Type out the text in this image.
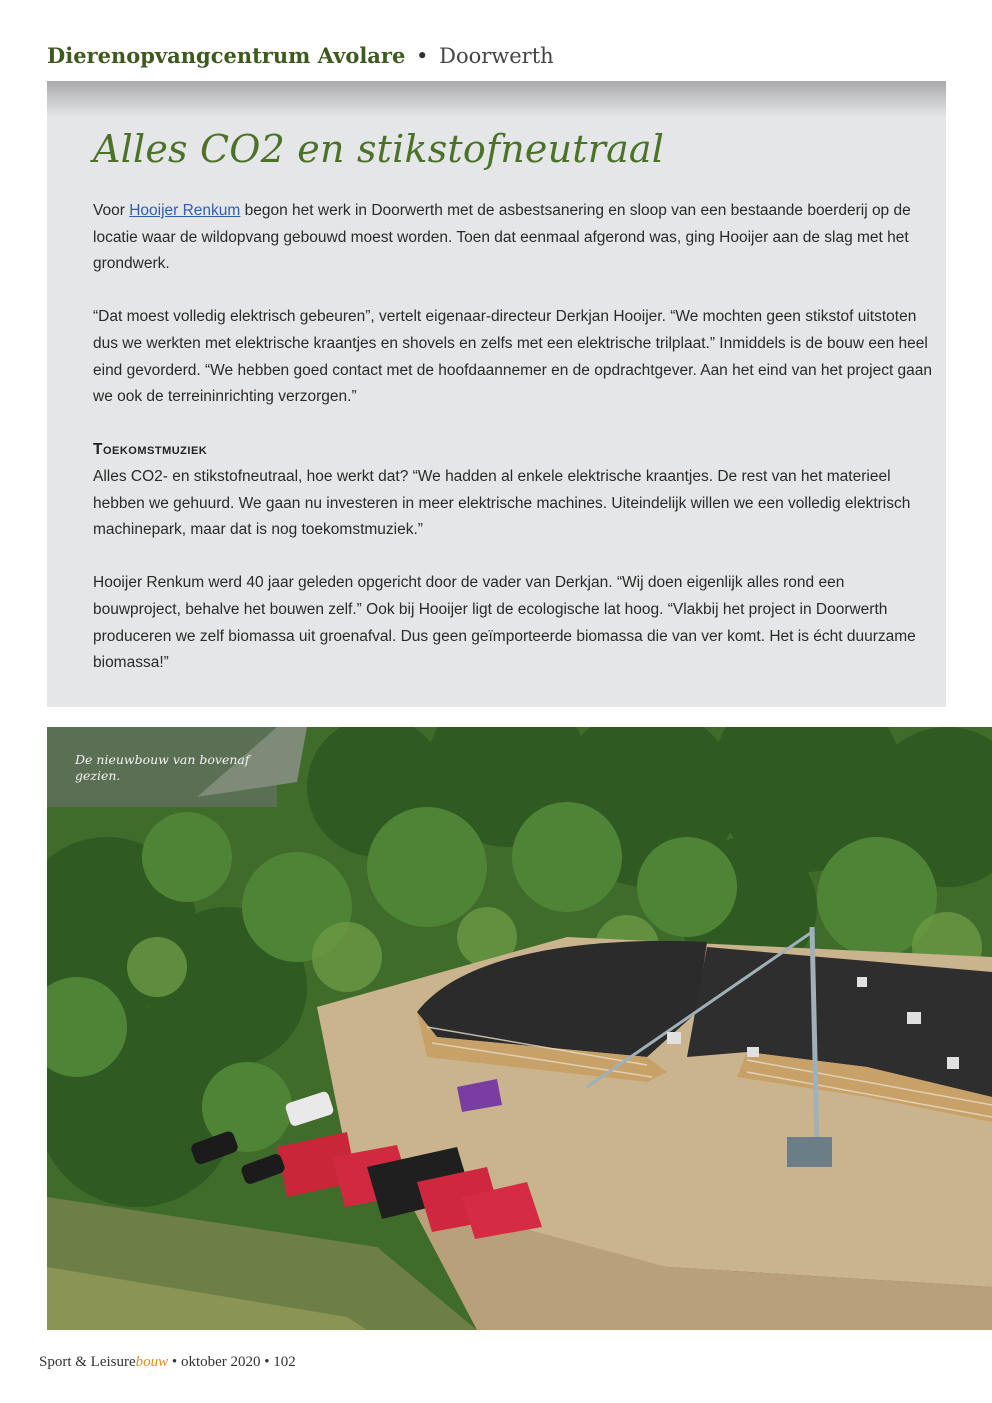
Dierenopvangcentrum Avolare • Doorwerth
Alles CO2 en stikstofneutraal

Voor Hooijer Renkum begon het werk in Doorwerth met de asbestsanering en sloop van een bestaande boerderij op de locatie waar de wildopvang gebouwd moest worden. Toen dat eenmaal afgerond was, ging Hooijer aan de slag met het grondwerk.

“Dat moest volledig elektrisch gebeuren”, vertelt eigenaar-directeur Derkjan Hooijer. “We mochten geen stikstof uitstoten dus we werkten met elektrische kraantjes en shovels en zelfs met een elektrische trilplaat.” Inmiddels is de bouw een heel eind gevorderd. “We hebben goed contact met de hoofdaannemer en de opdrachtgever. Aan het eind van het project gaan we ook de terreininrichting verzorgen.”

Toekomstmuziek

Alles CO2- en stikstofneutraal, hoe werkt dat? “We hadden al enkele elektrische kraantjes. De rest van het materieel hebben we gehuurd. We gaan nu investeren in meer elektrische machines. Uiteindelijk willen we een volledig elektrisch machinepark, maar dat is nog toekomstmuziek.”

Hooijer Renkum werd 40 jaar geleden opgericht door de vader van Derkjan. “Wij doen eigenlijk alles rond een bouwproject, behalve het bouwen zelf.” Ook bij Hooijer ligt de ecologische lat hoog. “Vlakbij het project in Doorwerth produceren we zelf biomassa uit groenafval. Dus geen geïmporteerde biomassa die van ver komt. Het is écht duurzame biomassa!”

De nieuwbouw van bovenaf gezien.
Sport & Leisurebouw • oktober 2020 • 102
